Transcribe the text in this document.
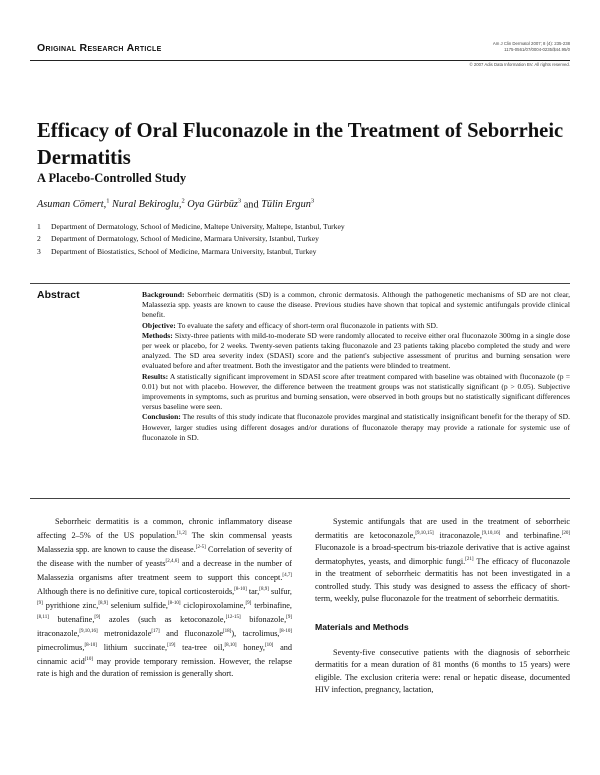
Original Research Article	Am J Clin Dermatol 2007; 8 (4): 235-238
1175-0561/07/0004-0235/$44.95/0
© 2007 Adis Data Information BV. All rights reserved.
Efficacy of Oral Fluconazole in the Treatment of Seborrheic Dermatitis
A Placebo-Controlled Study
Asuman Cömert,$^1$ Nural Bekiroglu,$^2$ Oya Gürbüz$^3$ and Tülin Ergun$^3$
1 Department of Dermatology, School of Medicine, Maltepe University, Maltepe, Istanbul, Turkey
2 Department of Dermatology, School of Medicine, Marmara University, Istanbul, Turkey
3 Department of Biostatistics, School of Medicine, Marmara University, Istanbul, Turkey
Abstract	Background: Seborrheic dermatitis (SD) is a common, chronic dermatosis. Although the pathogenetic mechanisms of SD are not clear, Malassezia spp. yeasts are known to cause the disease. Previous studies have shown that topical and systemic antifungals provide clinical benefit.

Objective: To evaluate the safety and efficacy of short-term oral fluconazole in patients with SD.

Methods: Sixty-three patients with mild-to-moderate SD were randomly allocated to receive either oral fluconazole 300mg in a single dose per week or placebo, for 2 weeks. Twenty-seven patients taking fluconazole and 23 patients taking placebo completed the study and were analyzed. The SD area severity index (SDASI) score and the patient's subjective assessment of pruritus and burning sensation were evaluated before and after treatment. Both the investigator and the patients were blinded to treatment.

Results: A statistically significant improvement in SDASI score after treatment compared with baseline was obtained with fluconazole (p = 0.01) but not with placebo. However, the difference between the treatment groups was not statistically significant (p > 0.05). Subjective improvements in symptoms, such as pruritus and burning sensation, were observed in both groups but no statistically significant differences versus baseline were seen.

Conclusion: The results of this study indicate that fluconazole provides marginal and statistically insignificant benefit for the therapy of SD. However, larger studies using different dosages and/or durations of fluconazole therapy may provide a rationale for systemic use of fluconazole in SD.

Seborrheic dermatitis is a common, chronic inflammatory disease affecting 2–5% of the US population.[1,2] The skin commensal yeasts Malassezia spp. are known to cause the disease.[2-5] Correlation of severity of the disease with the number of yeasts[2,4,6] and a decrease in the number of Malassezia organisms after treatment seem to support this concept.[4,7] Although there is no definitive cure, topical corticosteroids,[8-10] tar,[8,9] sulfur,[9] pyrithione zinc,[8,9] selenium sulfide,[8-10] ciclopiroxolamine,[9] terbinafine,[8,11] butenafine,[9] azoles (such as ketoconazole,[12-15] bifonazole,[9] itraconazole,[9,10,16] metronidazole[17] and fluconazole[18]), tacrolimus,[8-10] pimecrolimus,[8-10] lithium succinate,[19] tea-tree oil,[8,10] honey,[10] and cinnamic acid[10] may provide temporary remission. However, the relapse rate is high and the duration of remission is generally short.

Systemic antifungals that are used in the treatment of seborrheic dermatitis are ketoconazole,[9,10,15] itraconazole,[9,10,16] and terbinafine.[20] Fluconazole is a broad-spectrum bis-triazole derivative that is active against dermatophytes, yeasts, and dimorphic fungi.[21] The efficacy of fluconazole in the treatment of seborrheic dermatitis has not been investigated in a controlled study. This study was designed to assess the efficacy of short-term, weekly, pulse fluconazole for the treatment of seborrheic dermatitis.

Materials and Methods

Seventy-five consecutive patients with the diagnosis of seborrheic dermatitis for a mean duration of 81 months (6 months to 15 years) were eligible. The exclusion criteria were: renal or hepatic disease, documented HIV infection, pregnancy, lactation,
